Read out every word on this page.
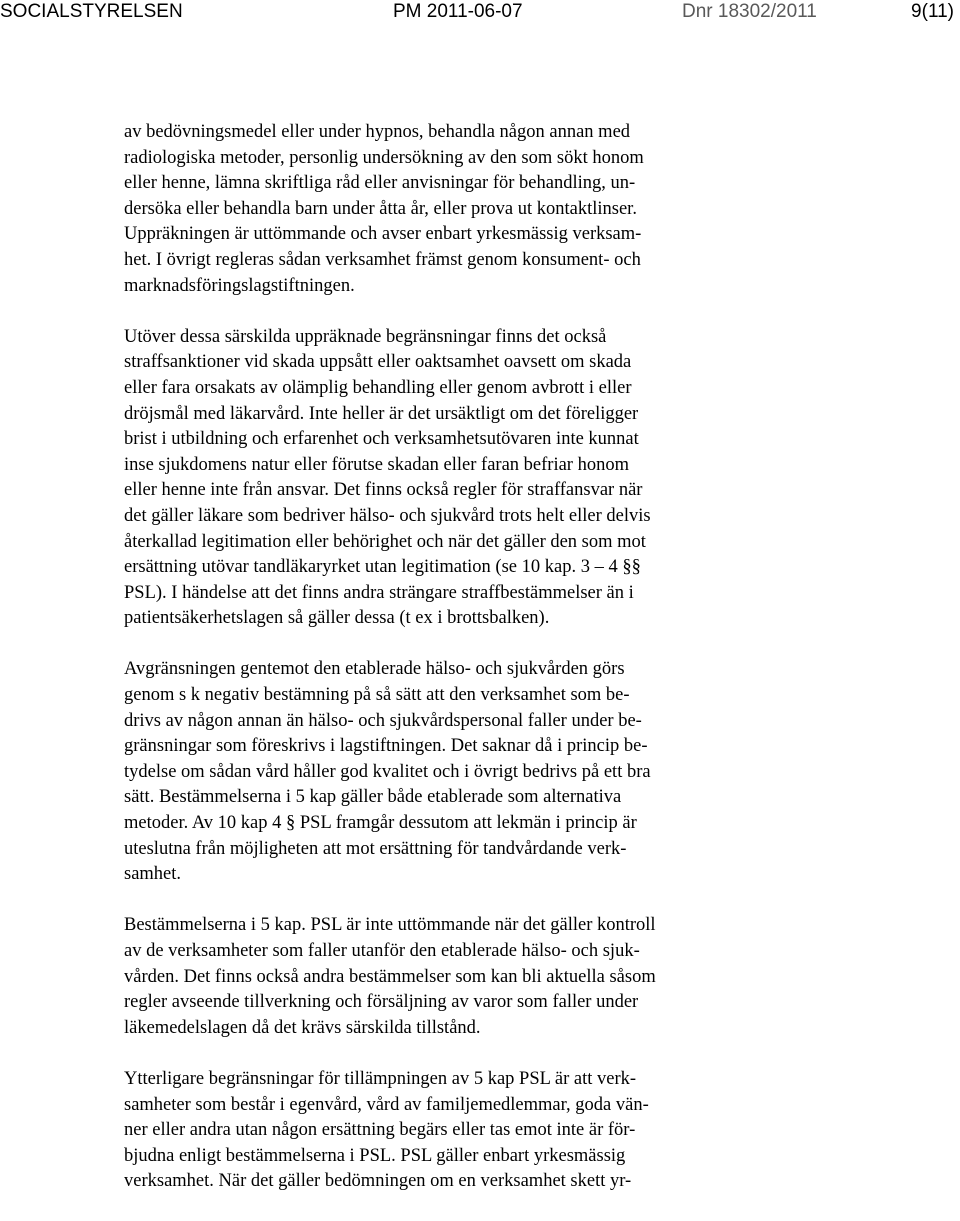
SOCIALSTYRELSEN	PM 2011-06-07	Dnr 18302/2011	9(11)
av bedövningsmedel eller under hypnos, behandla någon annan med
radiologiska metoder, personlig undersökning av den som sökt honom
eller henne, lämna skriftliga råd eller anvisningar för behandling, un-
dersöka eller behandla barn under åtta år, eller prova ut kontaktlinser.
Uppräkningen är uttömmande och avser enbart yrkesmässig verksam-
het. I övrigt regleras sådan verksamhet främst genom konsument- och
marknadsföringslagstiftningen.
Utöver dessa särskilda uppräknade begränsningar finns det också
straffsanktioner vid skada uppsått eller oaktsamhet oavsett om skada
eller fara orsakats av olämplig behandling eller genom avbrott i eller
dröjsmål med läkarvård. Inte heller är det ursäktligt om det föreligger
brist i utbildning och erfarenhet och verksamhetsutövaren inte kunnat
inse sjukdomens natur eller förutse skadan eller faran befriar honom
eller henne inte från ansvar. Det finns också regler för straffansvar när
det gäller läkare som bedriver hälso- och sjukvård trots helt eller delvis
återkallad legitimation eller behörighet och när det gäller den som mot
ersättning utövar tandläkaryrket utan legitimation (se 10 kap. 3 – 4 §§
PSL). I händelse att det finns andra strängare straffbestämmelser än i
patientsäkerhetslagen så gäller dessa (t ex i brottsbalken).
Avgränsningen gentemot den etablerade hälso- och sjukvården görs
genom s k negativ bestämning på så sätt att den verksamhet som be-
drivs av någon annan än hälso- och sjukvårdspersonal faller under be-
gränsningar som föreskrivs i lagstiftningen. Det saknar då i princip be-
tydelse om sådan vård håller god kvalitet och i övrigt bedrivs på ett bra
sätt. Bestämmelserna i 5 kap gäller både etablerade som alternativa
metoder. Av 10 kap 4 § PSL framgår dessutom att lekmän i princip är
uteslutna från möjligheten att mot ersättning för tandvårdande verk-
samhet.
Bestämmelserna i 5 kap. PSL är inte uttömmande när det gäller kontroll
av de verksamheter som faller utanför den etablerade hälso- och sjuk-
vården. Det finns också andra bestämmelser som kan bli aktuella såsom
regler avseende tillverkning och försäljning av varor som faller under
läkemedelslagen då det krävs särskilda tillstånd.
Ytterligare begränsningar för tillämpningen av 5 kap PSL är att verk-
samheter som består i egenvård, vård av familjemedlemmar, goda vän-
ner eller andra utan någon ersättning begärs eller tas emot inte är för-
bjudna enligt bestämmelserna i PSL. PSL gäller enbart yrkesmässig
verksamhet. När det gäller bedömningen om en verksamhet skett yr-
